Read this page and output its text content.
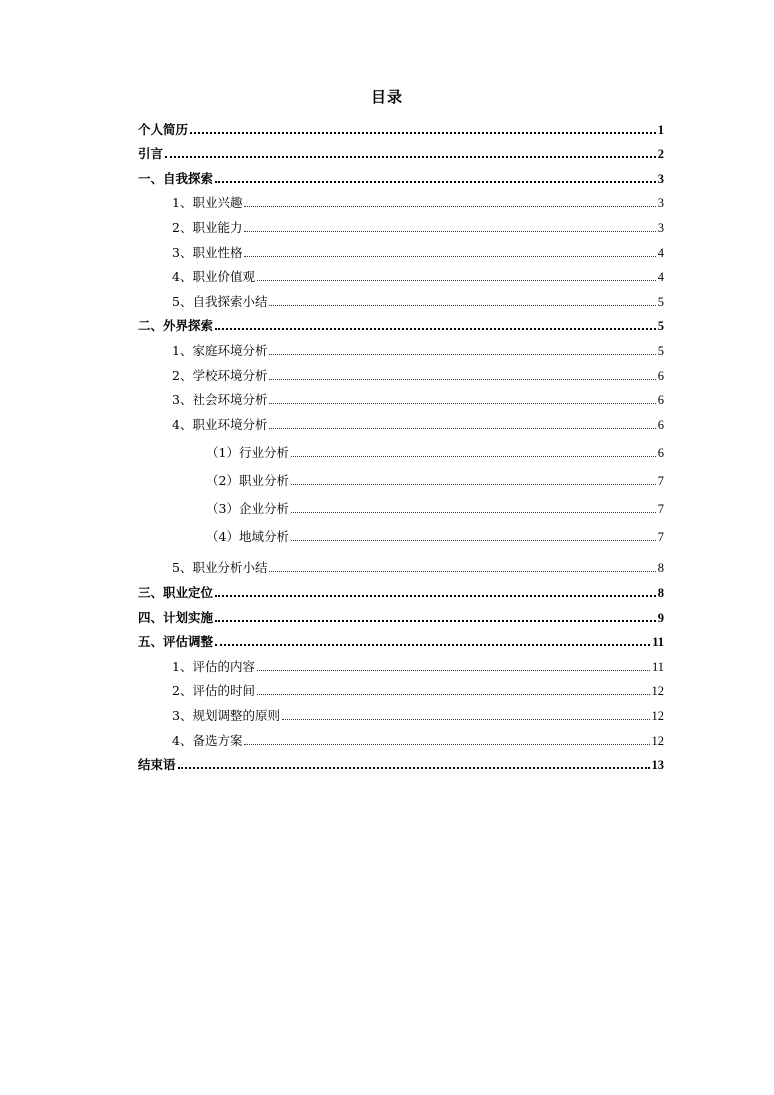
目录
个人简历	1
引言	2
一、自我探索	3
1、职业兴趣	3
2、职业能力	3
3、职业性格	4
4、职业价值观	4
5、自我探索小结	5
二、外界探索	5
1、家庭环境分析	5
2、学校环境分析	6
3、社会环境分析	6
4、职业环境分析	6
（1）行业分析	6
（2）职业分析	7
（3）企业分析	7
（4）地域分析	7
5、职业分析小结	8
三、职业定位	8
四、计划实施	9
五、评估调整	11
1、评估的内容	11
2、评估的时间	12
3、规划调整的原则	12
4、备选方案	12
结束语	13
